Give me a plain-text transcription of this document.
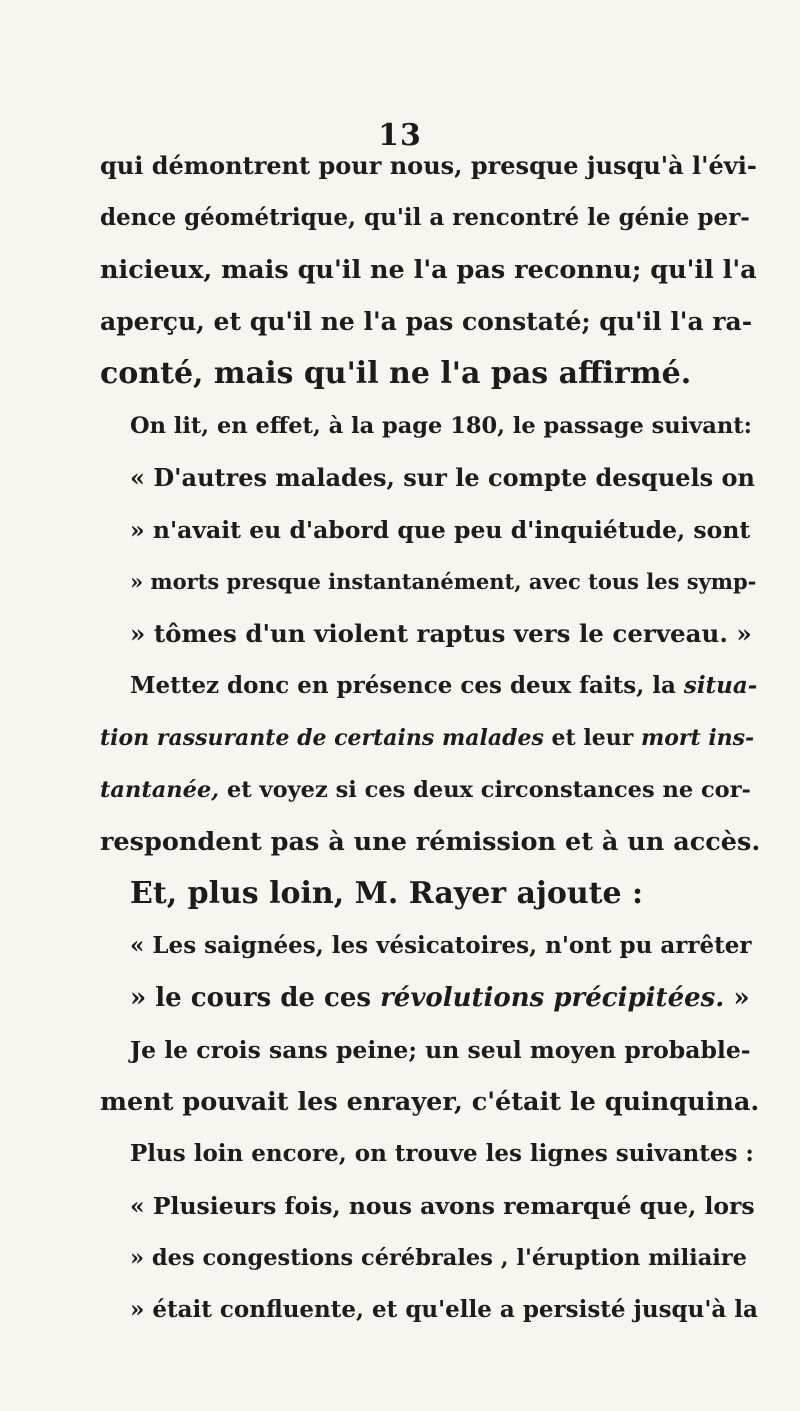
13
qui démontrent pour nous, presque jusqu'à l'évi-
dence géométrique, qu'il a rencontré le génie per-
nicieux, mais qu'il ne l'a pas reconnu; qu'il l'a
aperçu, et qu'il ne l'a pas constaté; qu'il l'a ra-
conté, mais qu'il ne l'a pas affirmé.
On lit, en effet, à la page 180, le passage suivant:
« D'autres malades, sur le compte desquels on
» n'avait eu d'abord que peu d'inquiétude, sont
» morts presque instantanément, avec tous les symp-
» tômes d'un violent raptus vers le cerveau. »
Mettez donc en présence ces deux faits, la situa-
tion rassurante de certains malades et leur mort ins-
tantanée, et voyez si ces deux circonstances ne cor-
respondent pas à une rémission et à un accès.
Et, plus loin, M. Rayer ajoute :
« Les saignées, les vésicatoires, n'ont pu arrêter
» le cours de ces révolutions précipitées. »
Je le crois sans peine; un seul moyen probable-
ment pouvait les enrayer, c'était le quinquina.
Plus loin encore, on trouve les lignes suivantes :
« Plusieurs fois, nous avons remarqué que, lors
» des congestions cérébrales , l'éruption miliaire
» était confluente, et qu'elle a persisté jusqu'à la
